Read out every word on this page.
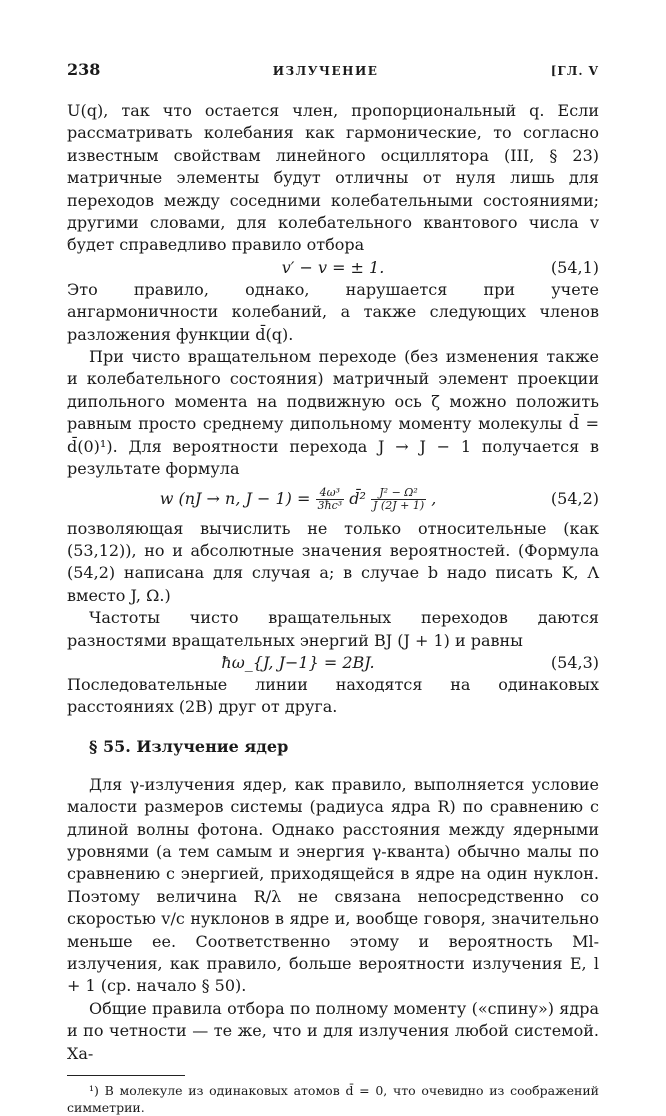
238	ИЗЛУЧЕНИЕ	[ГЛ. V

U(q), так что остается член, пропорциональный q. Если рассматривать колебания как гармонические, то согласно известным свойствам линейного осциллятора (III, § 23) матричные элементы будут отличны от нуля лишь для переходов между соседними колебательными состояниями; другими словами, для колебательного квантового числа v будет справедливо правило отбора

v′ − v = ± 1.	(54,1)

Это правило, однако, нарушается при учете ангармоничности колебаний, а также следующих членов разложения функции d̄(q).

При чисто вращательном переходе (без изменения также и колебательного состояния) матричный элемент проекции дипольного момента на подвижную ось ζ можно положить равным просто среднему дипольному моменту молекулы d̄ = d̄(0)¹). Для вероятности перехода J → J − 1 получается в результате формула

w (nJ → n, $J - 1) = \frac{\text{4ω³}}{\text{3ħc³}}$ d̄² $\frac{\text{J² − Ω²}}{J (2J + 1)}$ ,	(54,2)

позволяющая вычислить не только относительные (как (53,12)), но и абсолютные значения вероятностей. (Формула (54,2) написана для случая a; в случае b надо писать K, Λ вместо J, Ω.)

Частоты чисто вращательных переходов даются разностями вращательных энергий BJ (J + 1) и равны

ħω_{J, J−1} = 2BJ.	(54,3)

Последовательные линии находятся на одинаковых расстояниях (2B) друг от друга.

§ 55. Излучение ядер

Для γ-излучения ядер, как правило, выполняется условие малости размеров системы (радиуса ядра R) по сравнению с длиной волны фотона. Однако расстояния между ядерными уровнями (а тем самым и энергия γ-кванта) обычно малы по сравнению с энергией, приходящейся в ядре на один нуклон. Поэтому величина R/λ не связана непосредственно со скоростью v/c нуклонов в ядре и, вообще говоря, значительно меньше ее. Соответственно этому и вероятность Ml-излучения, как правило, больше вероятности излучения E, l + 1 (ср. начало § 50).

Общие правила отбора по полному моменту («спину») ядра и по четности — те же, что и для излучения любой системой. Ха-

¹) В молекуле из одинаковых атомов d̄ = 0, что очевидно из соображений симметрии.
